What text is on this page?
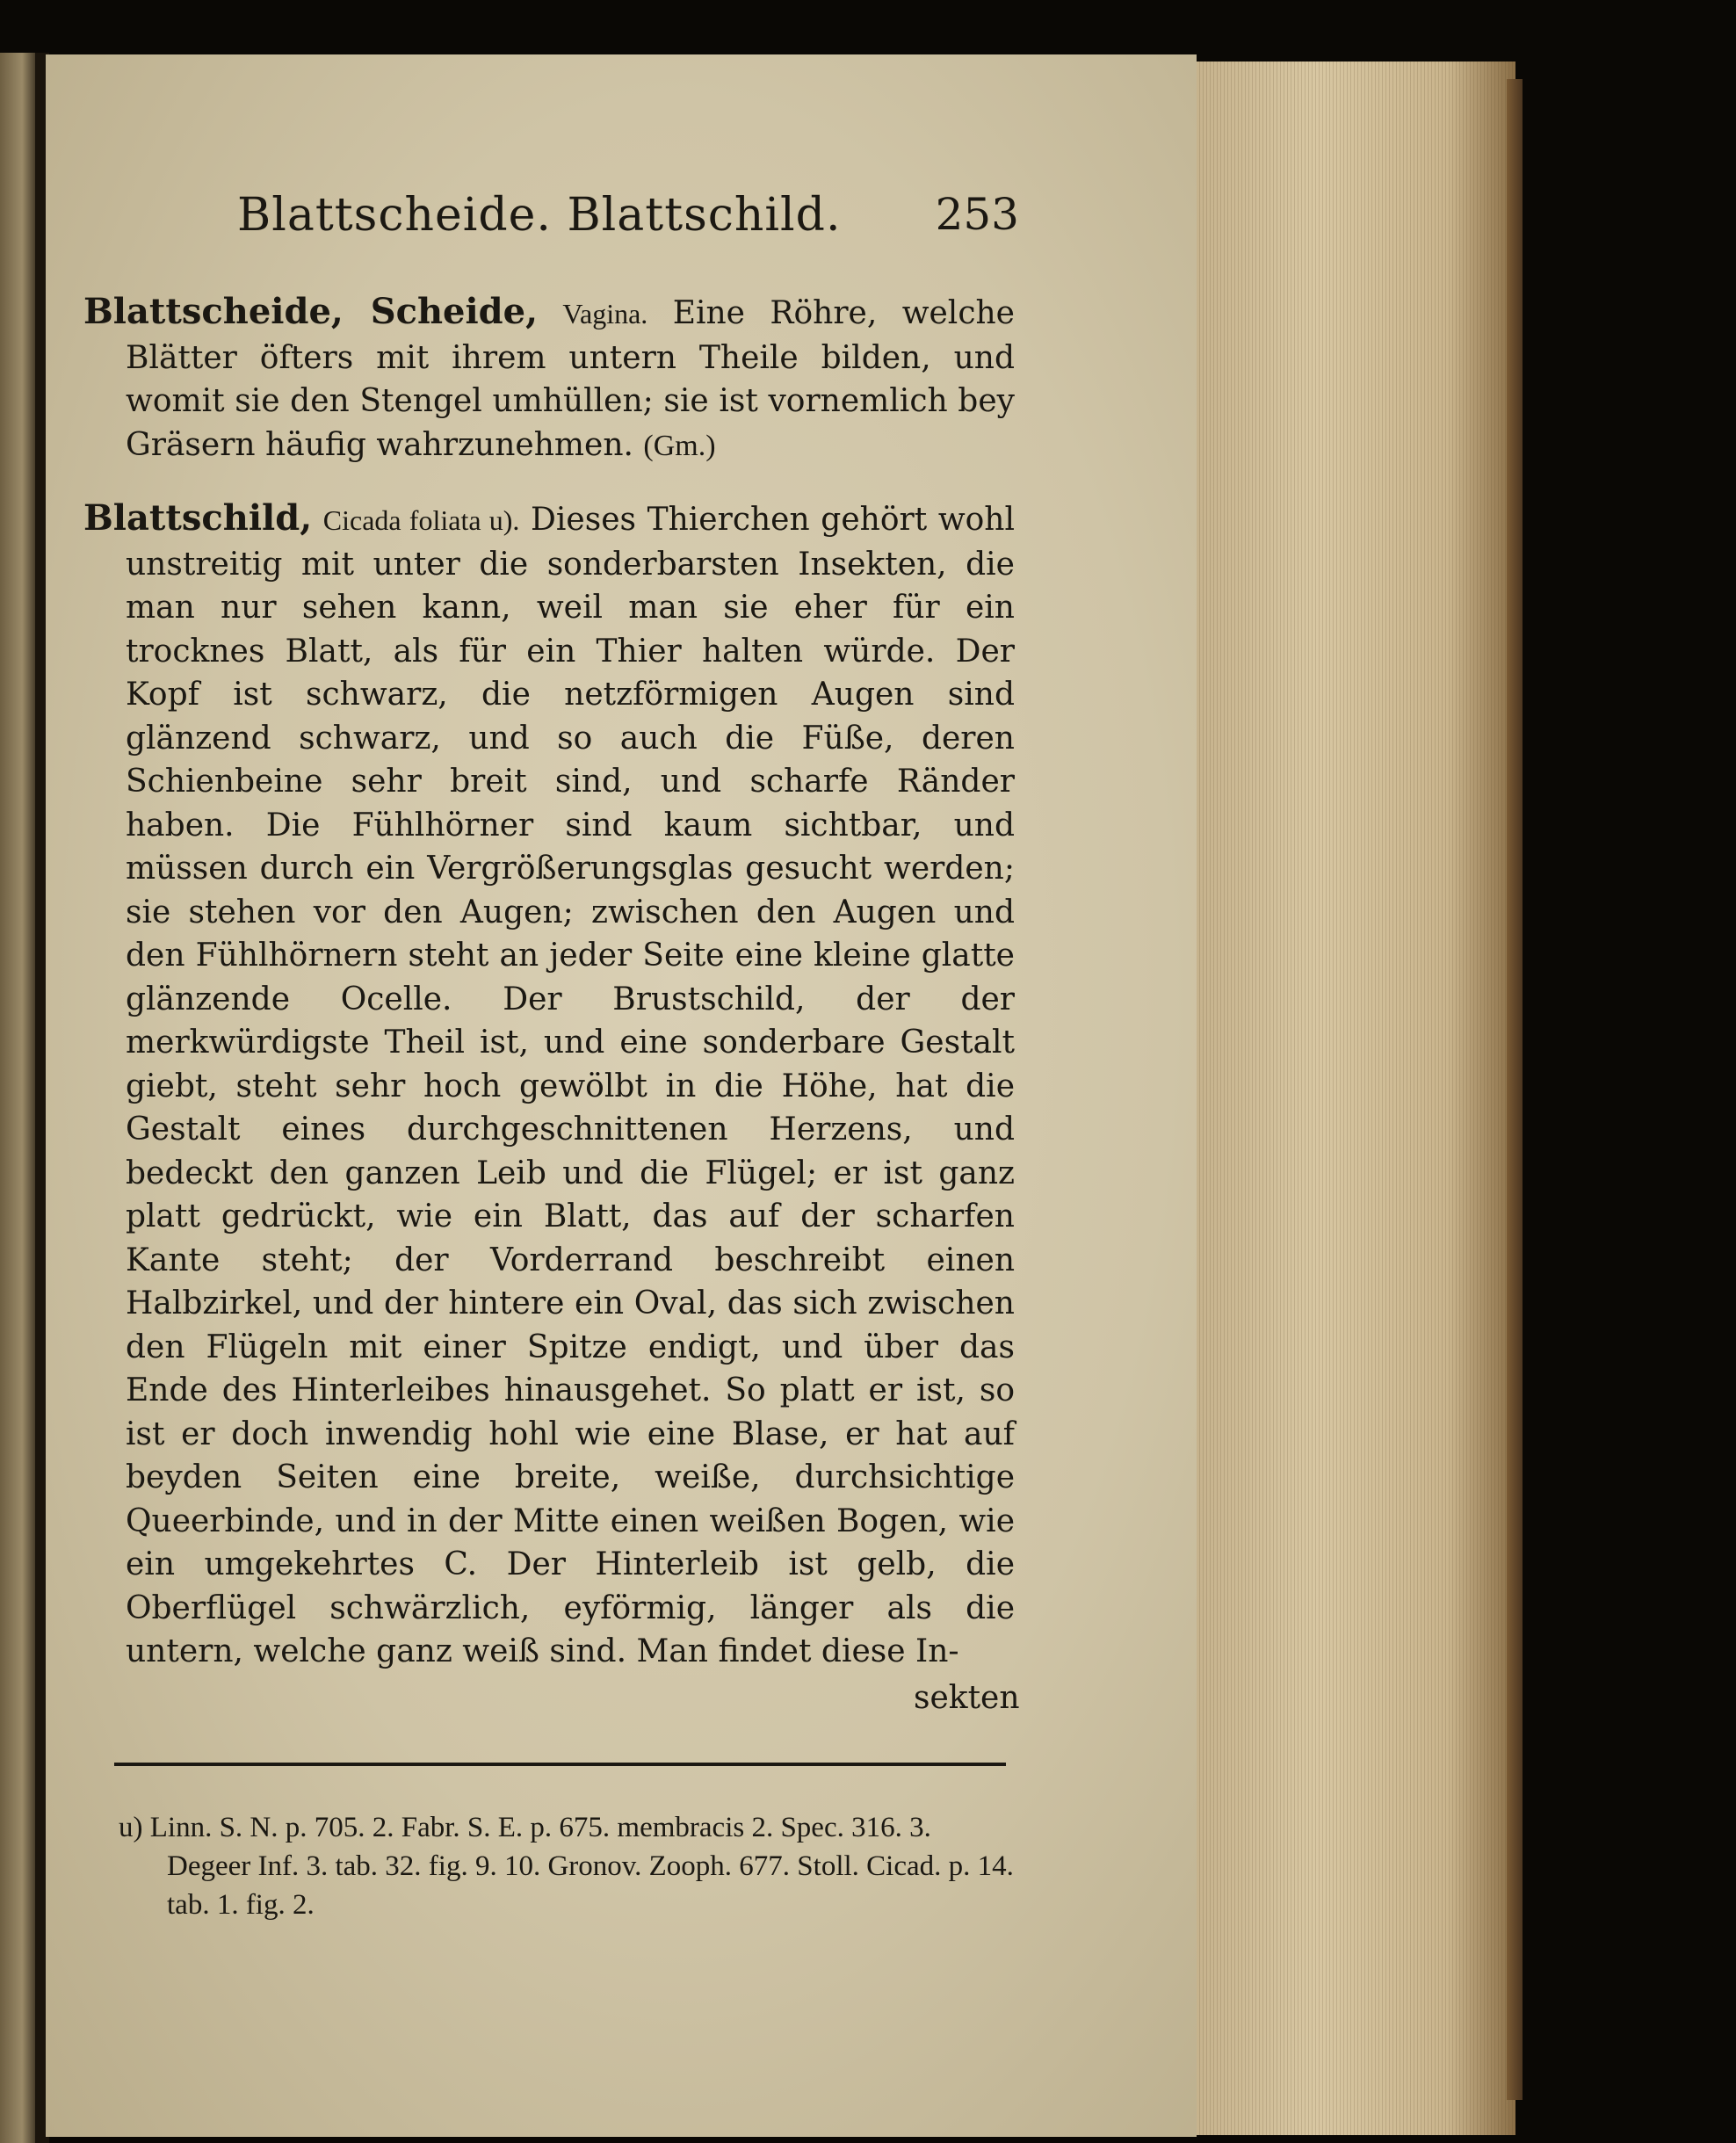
Blattscheide. Blattschild. 253

Blattscheide, Scheide, Vagina. Eine Röhre, welche Blätter öfters mit ihrem untern Theile bilden, und womit sie den Stengel umhüllen; sie ist vornemlich bey Gräsern häufig wahrzunehmen. (Gm.)

Blattschild, Cicada foliata u). Dieses Thierchen gehört wohl unstreitig mit unter die sonderbarsten Insekten, die man nur sehen kann, weil man sie eher für ein trocknes Blatt, als für ein Thier halten würde. Der Kopf ist schwarz, die netzförmigen Augen sind glänzend schwarz, und so auch die Füße, deren Schienbeine sehr breit sind, und scharfe Ränder haben. Die Fühlhörner sind kaum sichtbar, und müssen durch ein Vergrößerungsglas gesucht werden; sie stehen vor den Augen; zwischen den Augen und den Fühlhörnern steht an jeder Seite eine kleine glatte glänzende Ocelle. Der Brustschild, der der merkwürdigste Theil ist, und eine sonderbare Gestalt giebt, steht sehr hoch gewölbt in die Höhe, hat die Gestalt eines durchgeschnittenen Herzens, und bedeckt den ganzen Leib und die Flügel; er ist ganz platt gedrückt, wie ein Blatt, das auf der scharfen Kante steht; der Vorderrand beschreibt einen Halbzirkel, und der hintere ein Oval, das sich zwischen den Flügeln mit einer Spitze endigt, und über das Ende des Hinterleibes hinausgehet. So platt er ist, so ist er doch inwendig hohl wie eine Blase, er hat auf beyden Seiten eine breite, weiße, durchsichtige Queerbinde, und in der Mitte einen weißen Bogen, wie ein umgekehrtes C. Der Hinterleib ist gelb, die Oberflügel schwärzlich, eyförmig, länger als die untern, welche ganz weiß sind. Man findet diese In-

sekten

u) Linn. S. N. p. 705. 2. Fabr. S. E. p. 675. membracis 2. Spec. 316. 3. Degeer Inf. 3. tab. 32. fig. 9. 10. Gronov. Zooph. 677. Stoll. Cicad. p. 14. tab. 1. fig. 2.
